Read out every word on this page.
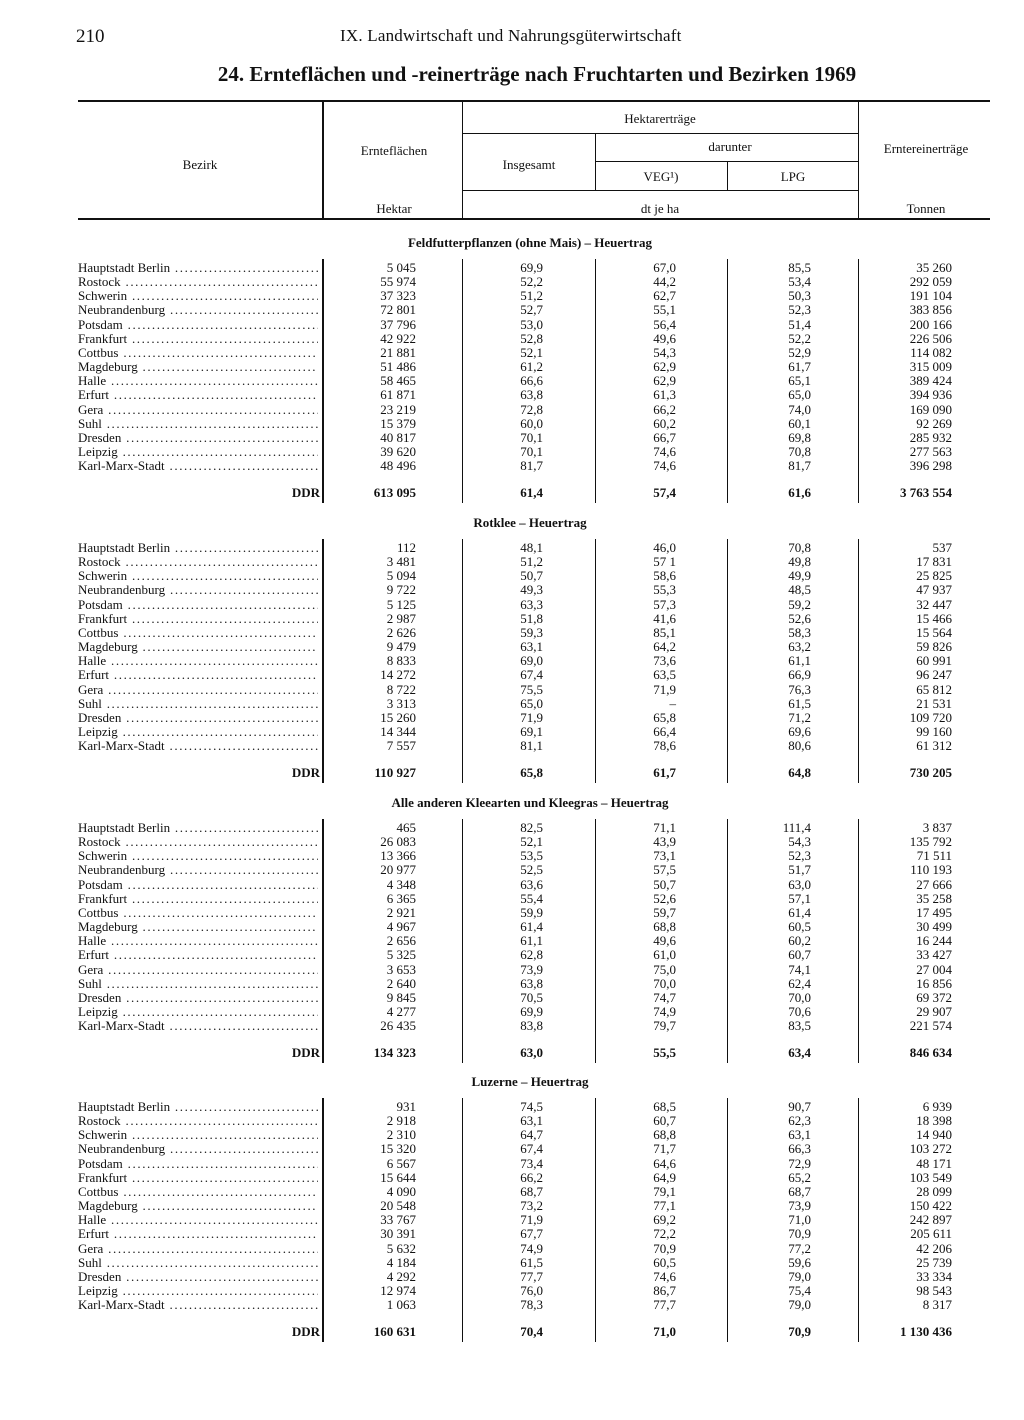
210	IX. Landwirtschaft und Nahrungsgüterwirtschaft
24. Ernteflächen und -reinerträge nach Fruchtarten und Bezirken 1969
Bezirk
Ernteflächen
Hektarerträge
Insgesamt
darunter
VEG¹)	LPG
Erntereinerträge
Hektar	dt je ha	Tonnen
Feldfutterpflanzen (ohne Mais) – Heuertrag
Hauptstadt Berlin .....	5 045	69,9	67,0	85,5	35 260
Rostock .....	55 974	52,2	44,2	53,4	292 059
Schwerin .....	37 323	51,2	62,7	50,3	191 104
Neubrandenburg .....	72 801	52,7	55,1	52,3	383 856
Potsdam .....	37 796	53,0	56,4	51,4	200 166
Frankfurt .....	42 922	52,8	49,6	52,2	226 506
Cottbus .....	21 881	52,1	54,3	52,9	114 082
Magdeburg .....	51 486	61,2	62,9	61,7	315 009
Halle .....	58 465	66,6	62,9	65,1	389 424
Erfurt .....	61 871	63,8	61,3	65,0	394 936
Gera .....	23 219	72,8	66,2	74,0	169 090
Suhl .....	15 379	60,0	60,2	60,1	92 269
Dresden .....	40 817	70,1	66,7	69,8	285 932
Leipzig .....	39 620	70,1	74,6	70,8	277 563
Karl-Marx-Stadt .....	48 496	81,7	74,6	81,7	396 298
DDR	613 095	61,4	57,4	61,6	3 763 554
Rotklee – Heuertrag
Hauptstadt Berlin .....	112	48,1	46,0	70,8	537
Rostock .....	3 481	51,2	57 1	49,8	17 831
Schwerin .....	5 094	50,7	58,6	49,9	25 825
Neubrandenburg .....	9 722	49,3	55,3	48,5	47 937
Potsdam .....	5 125	63,3	57,3	59,2	32 447
Frankfurt .....	2 987	51,8	41,6	52,6	15 466
Cottbus .....	2 626	59,3	85,1	58,3	15 564
Magdeburg .....	9 479	63,1	64,2	63,2	59 826
Halle .....	8 833	69,0	73,6	61,1	60 991
Erfurt .....	14 272	67,4	63,5	66,9	96 247
Gera .....	8 722	75,5	71,9	76,3	65 812
Suhl .....	3 313	65,0	–	61,5	21 531
Dresden .....	15 260	71,9	65,8	71,2	109 720
Leipzig .....	14 344	69,1	66,4	69,6	99 160
Karl-Marx-Stadt .....	7 557	81,1	78,6	80,6	61 312
DDR	110 927	65,8	61,7	64,8	730 205
Alle anderen Kleearten und Kleegras – Heuertrag
Hauptstadt Berlin .....	465	82,5	71,1	111,4	3 837
Rostock .....	26 083	52,1	43,9	54,3	135 792
Schwerin .....	13 366	53,5	73,1	52,3	71 511
Neubrandenburg .....	20 977	52,5	57,5	51,7	110 193
Potsdam .....	4 348	63,6	50,7	63,0	27 666
Frankfurt .....	6 365	55,4	52,6	57,1	35 258
Cottbus .....	2 921	59,9	59,7	61,4	17 495
Magdeburg .....	4 967	61,4	68,8	60,5	30 499
Halle .....	2 656	61,1	49,6	60,2	16 244
Erfurt .....	5 325	62,8	61,0	60,7	33 427
Gera .....	3 653	73,9	75,0	74,1	27 004
Suhl .....	2 640	63,8	70,0	62,4	16 856
Dresden .....	9 845	70,5	74,7	70,0	69 372
Leipzig .....	4 277	69,9	74,9	70,6	29 907
Karl-Marx-Stadt .....	26 435	83,8	79,7	83,5	221 574
DDR	134 323	63,0	55,5	63,4	846 634
Luzerne – Heuertrag
Hauptstadt Berlin .....	931	74,5	68,5	90,7	6 939
Rostock .....	2 918	63,1	60,7	62,3	18 398
Schwerin .....	2 310	64,7	68,8	63,1	14 940
Neubrandenburg .....	15 320	67,4	71,7	66,3	103 272
Potsdam .....	6 567	73,4	64,6	72,9	48 171
Frankfurt .....	15 644	66,2	64,9	65,2	103 549
Cottbus .....	4 090	68,7	79,1	68,7	28 099
Magdeburg .....	20 548	73,2	77,1	73,9	150 422
Halle .....	33 767	71,9	69,2	71,0	242 897
Erfurt .....	30 391	67,7	72,2	70,9	205 611
Gera .....	5 632	74,9	70,9	77,2	42 206
Suhl .....	4 184	61,5	60,5	59,6	25 739
Dresden .....	4 292	77,7	74,6	79,0	33 334
Leipzig .....	12 974	76,0	86,7	75,4	98 543
Karl-Marx-Stadt .....	1 063	78,3	77,7	79,0	8 317
DDR	160 631	70,4	71,0	70,9	1 130 436
